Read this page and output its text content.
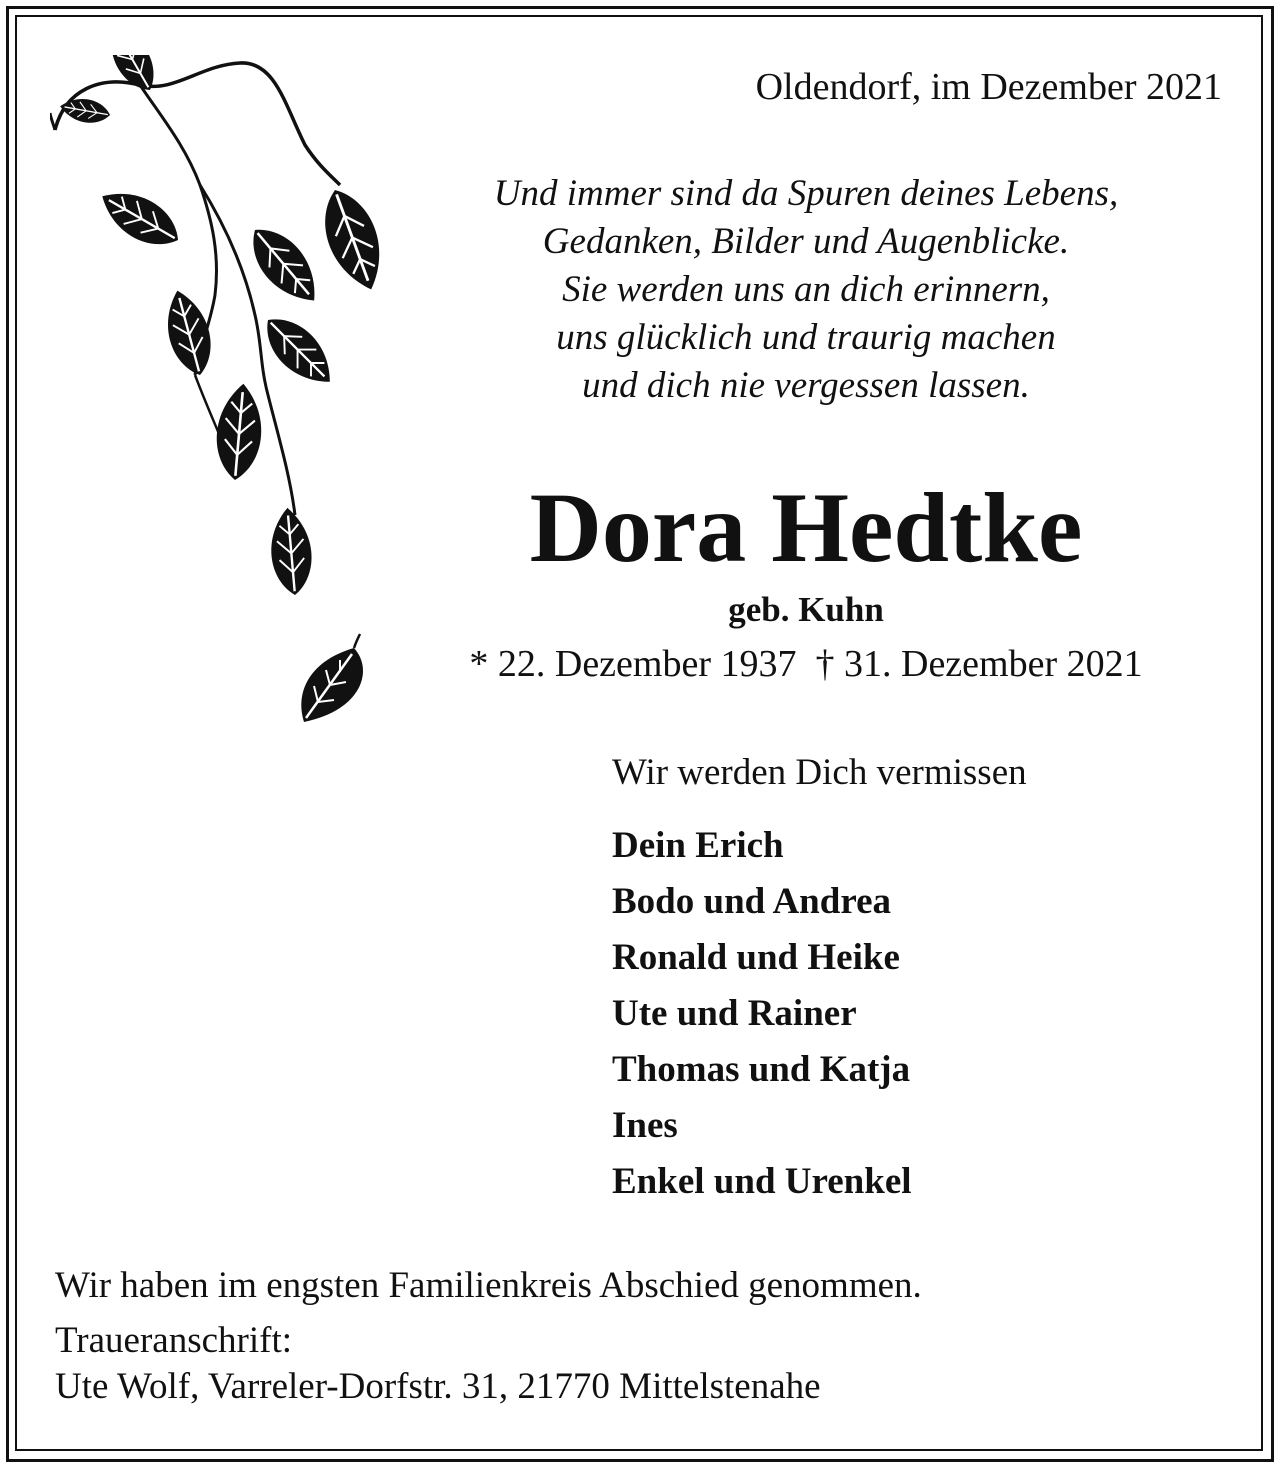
Oldendorf, im Dezember 2021
Und immer sind da Spuren deines Lebens,
Gedanken, Bilder und Augenblicke.
Sie werden uns an dich erinnern,
uns glücklich und traurig machen
und dich nie vergessen lassen.
Dora Hedtke
geb. Kuhn
* 22. Dezember 1937 † 31. Dezember 2021
Wir werden Dich vermissen
Dein Erich
Bodo und Andrea
Ronald und Heike
Ute und Rainer
Thomas und Katja
Ines
Enkel und Urenkel
Wir haben im engsten Familienkreis Abschied genommen.
Traueranschrift:
Ute Wolf, Varreler-Dorfstr. 31, 21770 Mittelstenahe
